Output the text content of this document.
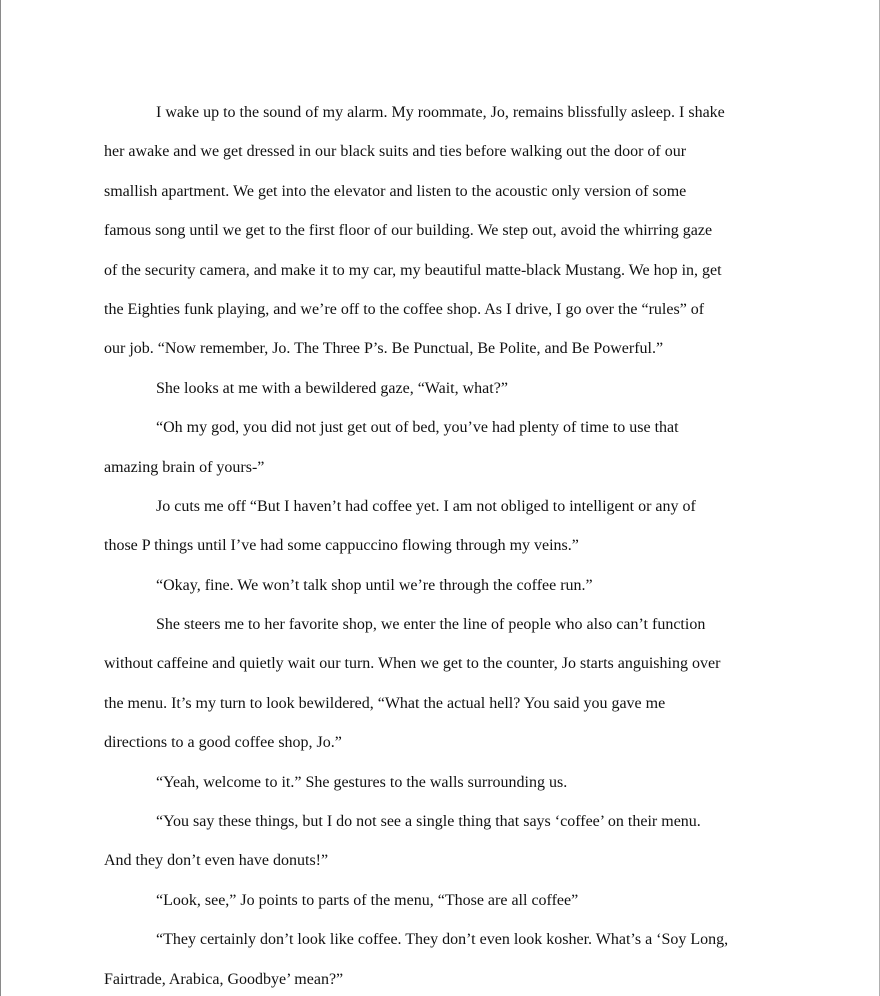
I wake up to the sound of my alarm. My roommate, Jo, remains blissfully asleep. I shake
her awake and we get dressed in our black suits and ties before walking out the door of our
smallish apartment. We get into the elevator and listen to the acoustic only version of some
famous song until we get to the first floor of our building. We step out, avoid the whirring gaze
of the security camera, and make it to my car, my beautiful matte-black Mustang. We hop in, get
the Eighties funk playing, and we’re off to the coffee shop. As I drive, I go over the “rules” of
our job. “Now remember, Jo. The Three P’s. Be Punctual, Be Polite, and Be Powerful.”
She looks at me with a bewildered gaze, “Wait, what?”
“Oh my god, you did not just get out of bed, you’ve had plenty of time to use that
amazing brain of yours-”
Jo cuts me off “But I haven’t had coffee yet. I am not obliged to intelligent or any of
those P things until I’ve had some cappuccino flowing through my veins.”
“Okay, fine. We won’t talk shop until we’re through the coffee run.”
She steers me to her favorite shop, we enter the line of people who also can’t function
without caffeine and quietly wait our turn. When we get to the counter, Jo starts anguishing over
the menu. It’s my turn to look bewildered, “What the actual hell? You said you gave me
directions to a good coffee shop, Jo.”
“Yeah, welcome to it.” She gestures to the walls surrounding us.
“You say these things, but I do not see a single thing that says ‘coffee’ on their menu.
And they don’t even have donuts!”
“Look, see,” Jo points to parts of the menu, “Those are all coffee”
“They certainly don’t look like coffee. They don’t even look kosher. What’s a ‘Soy Long,
Fairtrade, Arabica, Goodbye’ mean?”
